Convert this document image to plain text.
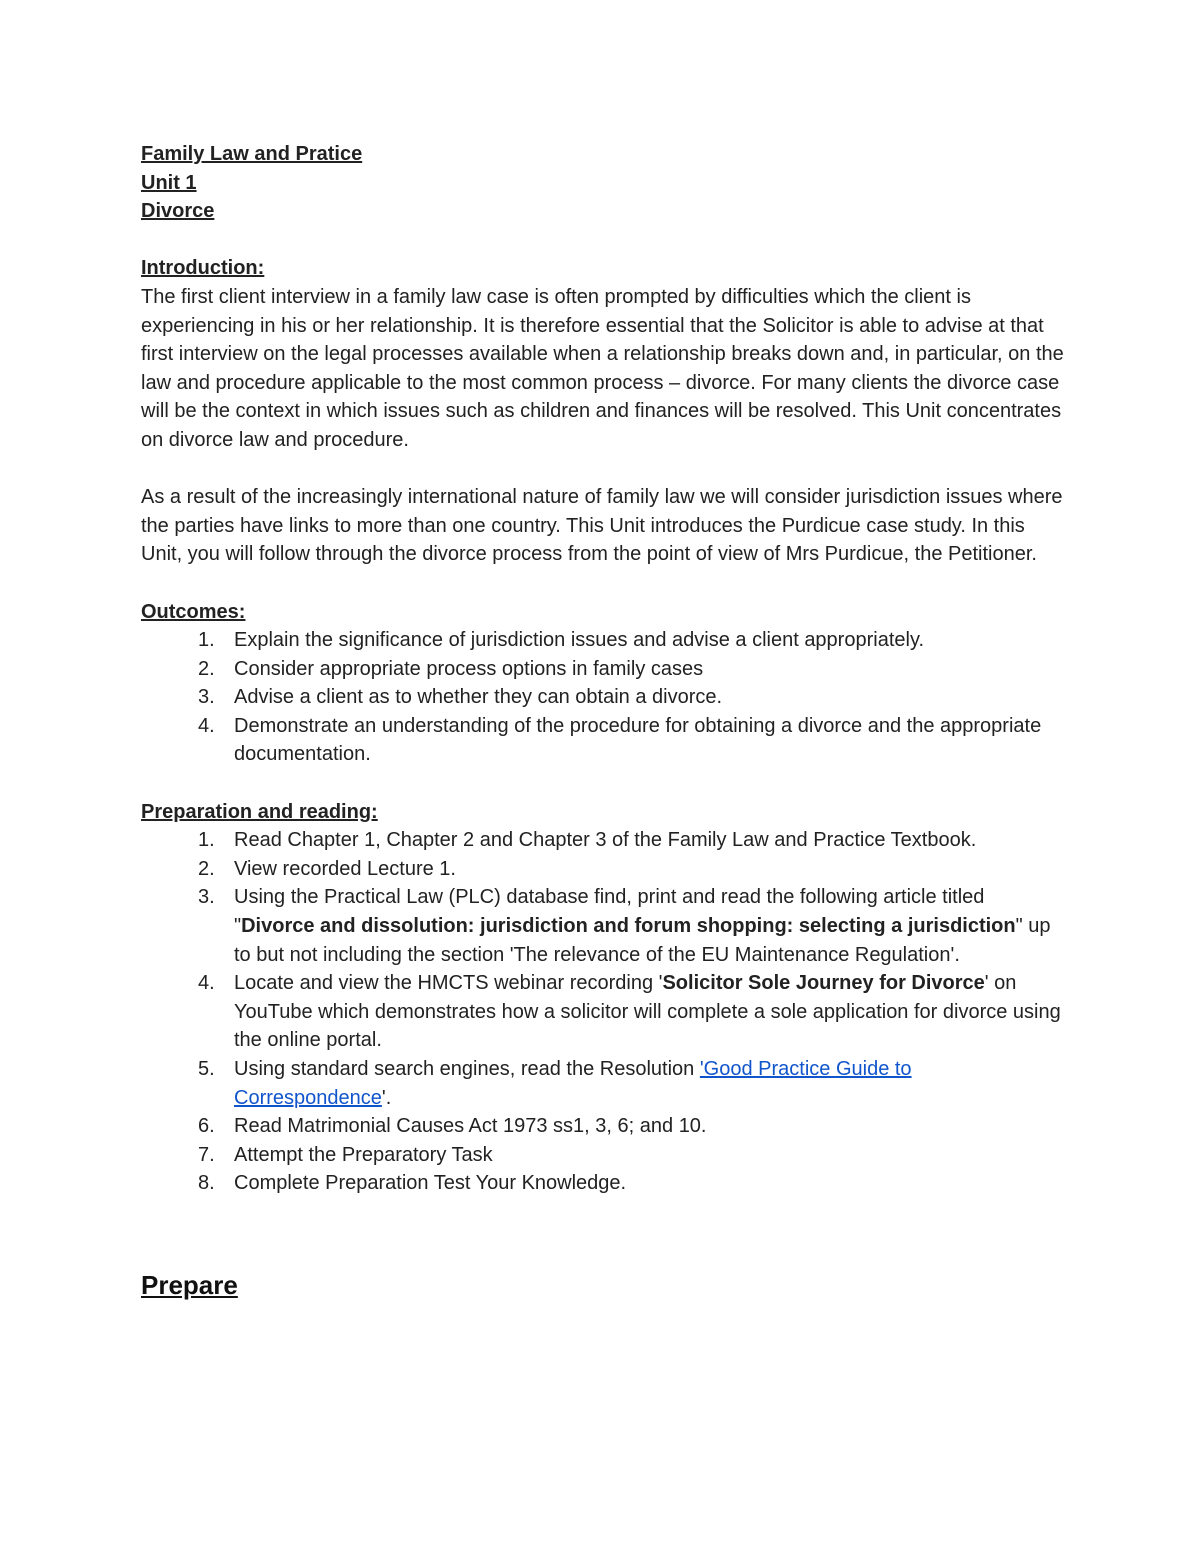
Family Law and Pratice
Unit 1
Divorce
Introduction:

The first client interview in a family law case is often prompted by difficulties which the client is experiencing in his or her relationship. It is therefore essential that the Solicitor is able to advise at that first interview on the legal processes available when a relationship breaks down and, in particular, on the law and procedure applicable to the most common process – divorce. For many clients the divorce case will be the context in which issues such as children and finances will be resolved. This Unit concentrates on divorce law and procedure.

As a result of the increasingly international nature of family law we will consider jurisdiction issues where the parties have links to more than one country. This Unit introduces the Purdicue case study. In this Unit, you will follow through the divorce process from the point of view of Mrs Purdicue, the Petitioner.

Outcomes:
1. Explain the significance of jurisdiction issues and advise a client appropriately.
2. Consider appropriate process options in family cases
3. Advise a client as to whether they can obtain a divorce.
4. Demonstrate an understanding of the procedure for obtaining a divorce and the appropriate documentation.
Preparation and reading:
1. Read Chapter 1, Chapter 2 and Chapter 3 of the Family Law and Practice Textbook.
2. View recorded Lecture 1.
3. Using the Practical Law (PLC) database find, print and read the following article titled "Divorce and dissolution: jurisdiction and forum shopping: selecting a jurisdiction" up to but not including the section 'The relevance of the EU Maintenance Regulation'.
4. Locate and view the HMCTS webinar recording 'Solicitor Sole Journey for Divorce' on YouTube which demonstrates how a solicitor will complete a sole application for divorce using the online portal.
5. Using standard search engines, read the Resolution 'Good Practice Guide to Correspondence'.
6. Read Matrimonial Causes Act 1973 ss1, 3, 6; and 10.
7. Attempt the Preparatory Task
8. Complete Preparation Test Your Knowledge.
Prepare
